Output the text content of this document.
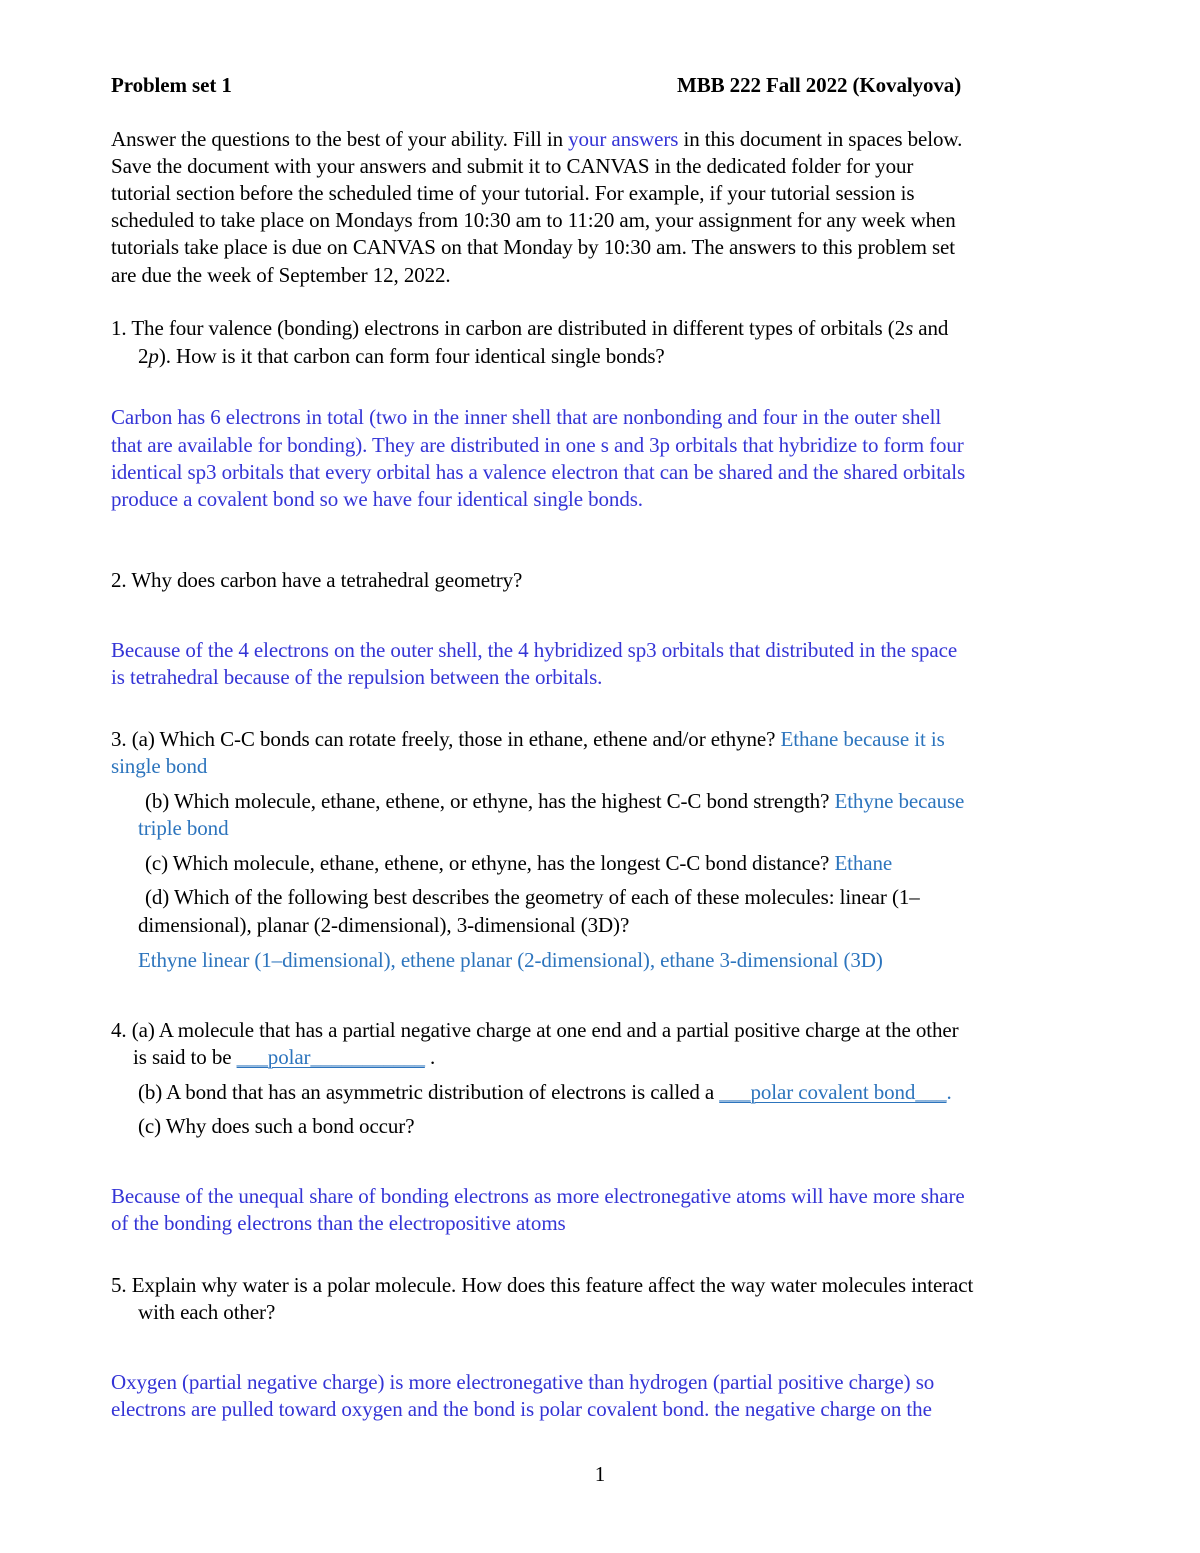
Problem set 1	MBB 222 Fall 2022 (Kovalyova)
Answer the questions to the best of your ability. Fill in your answers in this document in spaces below.
Save the document with your answers and submit it to CANVAS in the dedicated folder for your
tutorial section before the scheduled time of your tutorial. For example, if your tutorial session is
scheduled to take place on Mondays from 10:30 am to 11:20 am, your assignment for any week when
tutorials take place is due on CANVAS on that Monday by 10:30 am. The answers to this problem set
are due the week of September 12, 2022.
1. The four valence (bonding) electrons in carbon are distributed in different types of orbitals (2s and
2p). How is it that carbon can form four identical single bonds?
Carbon has 6 electrons in total (two in the inner shell that are nonbonding and four in the outer shell
that are available for bonding). They are distributed in one s and 3p orbitals that hybridize to form four
identical sp3 orbitals that every orbital has a valence electron that can be shared and the shared orbitals
produce a covalent bond so we have four identical single bonds.
2. Why does carbon have a tetrahedral geometry?
Because of the 4 electrons on the outer shell, the 4 hybridized sp3 orbitals that distributed in the space
is tetrahedral because of the repulsion between the orbitals.
3. (a) Which C-C bonds can rotate freely, those in ethane, ethene and/or ethyne? Ethane because it is
single bond
(b) Which molecule, ethane, ethene, or ethyne, has the highest C-C bond strength? Ethyne because
triple bond
(c) Which molecule, ethane, ethene, or ethyne, has the longest C-C bond distance? Ethane
(d) Which of the following best describes the geometry of each of these molecules: linear (1–
dimensional), planar (2-dimensional), 3-dimensional (3D)?
Ethyne linear (1–dimensional), ethene planar (2-dimensional), ethane 3-dimensional (3D)
4. (a) A molecule that has a partial negative charge at one end and a partial positive charge at the other
is said to be ___polar___________ .
(b) A bond that has an asymmetric distribution of electrons is called a ___polar covalent bond___.
(c) Why does such a bond occur?
Because of the unequal share of bonding electrons as more electronegative atoms will have more share
of the bonding electrons than the electropositive atoms
5. Explain why water is a polar molecule. How does this feature affect the way water molecules interact
with each other?
Oxygen (partial negative charge) is more electronegative than hydrogen (partial positive charge) so
electrons are pulled toward oxygen and the bond is polar covalent bond. the negative charge on the
1
